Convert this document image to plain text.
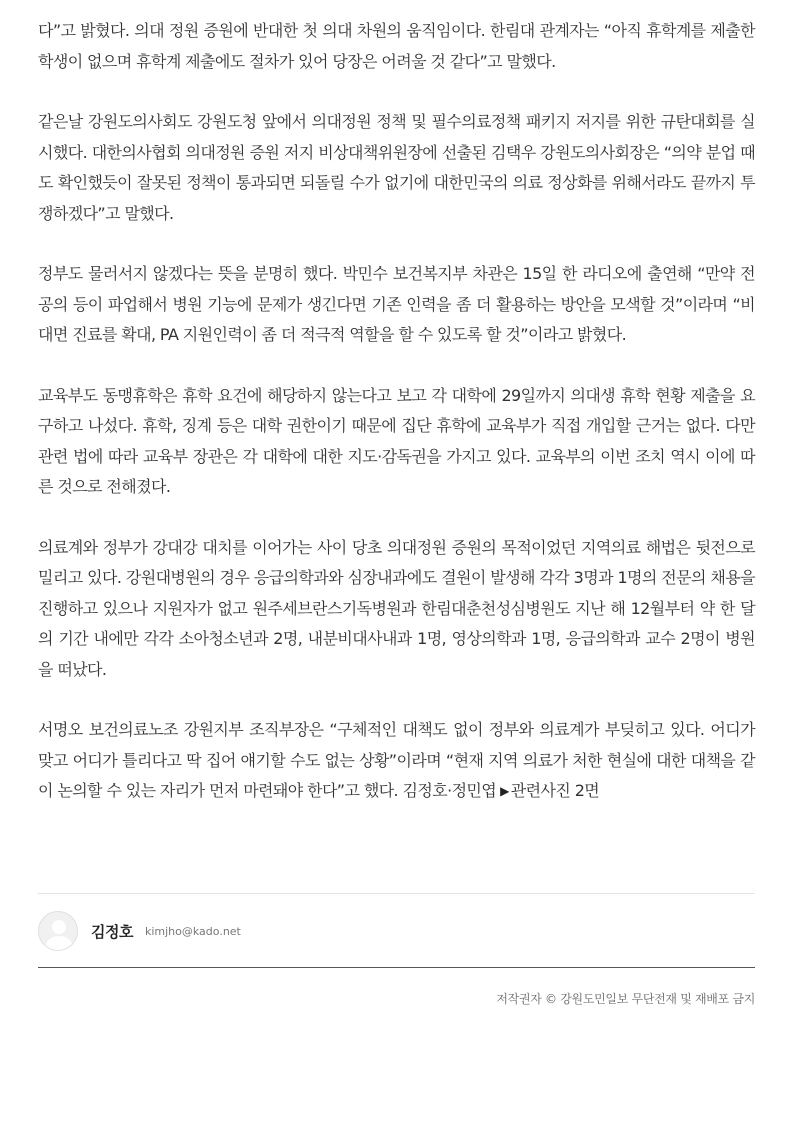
다”고 밝혔다. 의대 정원 증원에 반대한 첫 의대 차원의 움직임이다. 한림대 관계자는 “아직 휴학계를 제출한 학생이 없으며 휴학계 제출에도 절차가 있어 당장은 어려울 것 같다”고 말했다.

같은날 강원도의사회도 강원도청 앞에서 의대정원 정책 및 필수의료정책 패키지 저지를 위한 규탄대회를 실시했다. 대한의사협회 의대정원 증원 저지 비상대책위원장에 선출된 김택우 강원도의사회장은 “의약 분업 때도 확인했듯이 잘못된 정책이 통과되면 되돌릴 수가 없기에 대한민국의 의료 정상화를 위해서라도 끝까지 투쟁하겠다”고 말했다.

정부도 물러서지 않겠다는 뜻을 분명히 했다. 박민수 보건복지부 차관은 15일 한 라디오에 출연해 “만약 전공의 등이 파업해서 병원 기능에 문제가 생긴다면 기존 인력을 좀 더 활용하는 방안을 모색할 것”이라며 “비대면 진료를 확대, PA 지원인력이 좀 더 적극적 역할을 할 수 있도록 할 것”이라고 밝혔다.

교육부도 동맹휴학은 휴학 요건에 해당하지 않는다고 보고 각 대학에 29일까지 의대생 휴학 현황 제출을 요구하고 나섰다. 휴학, 징계 등은 대학 권한이기 때문에 집단 휴학에 교육부가 직접 개입할 근거는 없다. 다만 관련 법에 따라 교육부 장관은 각 대학에 대한 지도·감독권을 가지고 있다. 교육부의 이번 조치 역시 이에 따른 것으로 전해졌다.

의료계와 정부가 강대강 대치를 이어가는 사이 당초 의대정원 증원의 목적이었던 지역의료 해법은 뒷전으로 밀리고 있다. 강원대병원의 경우 응급의학과와 심장내과에도 결원이 발생해 각각 3명과 1명의 전문의 채용을 진행하고 있으나 지원자가 없고 원주세브란스기독병원과 한림대춘천성심병원도 지난 해 12월부터 약 한 달의 기간 내에만 각각 소아청소년과 2명, 내분비대사내과 1명, 영상의학과 1명, 응급의학과 교수 2명이 병원을 떠났다.

서명오 보건의료노조 강원지부 조직부장은 “구체적인 대책도 없이 정부와 의료계가 부딪히고 있다. 어디가 맞고 어디가 틀리다고 딱 집어 얘기할 수도 없는 상황”이라며 “현재 지역 의료가 처한 현실에 대한 대책을 같이 논의할 수 있는 자리가 먼저 마련돼야 한다”고 했다. 김정호·정민엽 ▶ 관련사진 2면

김정호 kimjho@kado.net
저작권자 © 강원도민일보 무단전재 및 재배포 금지
